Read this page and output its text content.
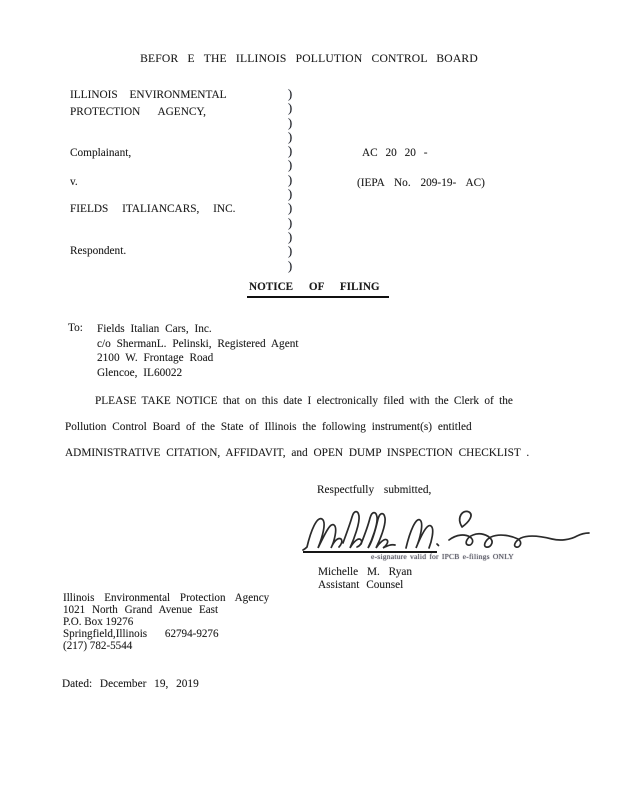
BEFOR E THE ILLINOIS POLLUTION CONTROL BOARD
ILLINOIS ENVIRONMENTAL
PROTECTION AGENCY,
Complainant,
v.
FIELDS ITALIANCARS, INC.
Respondent.
)
)
)
)
)
)
)
)
)
)
)
)
)
AC 20 20 -
(IEPA No. 209-19- AC)
NOTICE OF FILING
To: Fields Italian Cars, Inc.
c/o ShermanL. Pelinski, Registered Agent
2100 W. Frontage Road
Glencoe, IL60022
PLEASE TAKE NOTICE that on this date I electronically filed with the Clerk of the
Pollution Control Board of the State of Illinois the following instrument(s) entitled
ADMINISTRATIVE CITATION, AFFIDAVIT, and OPEN DUMP INSPECTION CHECKLIST .
Respectfully submitted,
e-signature valid for IPCB e-filings ONLY
Michelle M. Ryan
Assistant Counsel
Illinois Environmental Protection Agency
1021 North Grand Avenue East
P.O. Box 19276
Springfield,Illinois 62794-9276
(217) 782-5544
Dated: December 19, 2019
